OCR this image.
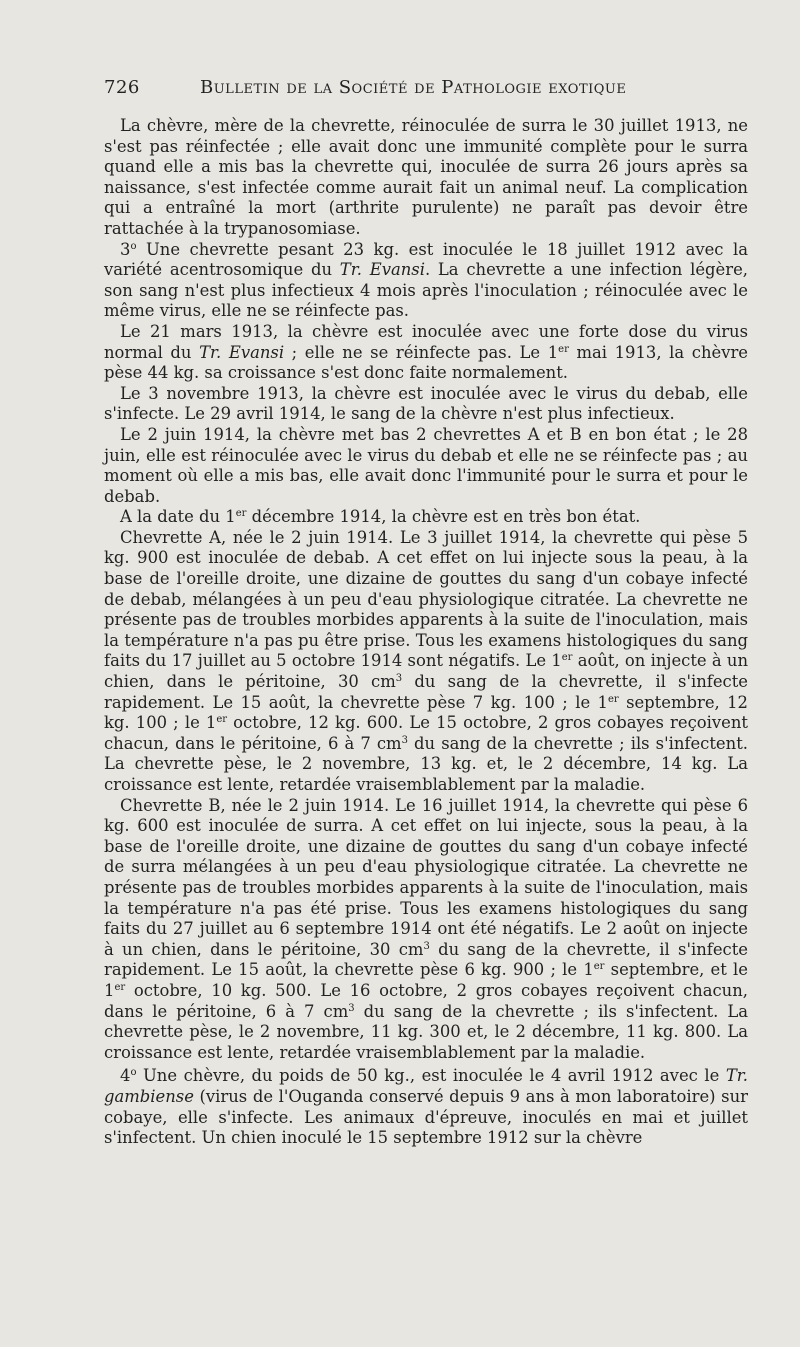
726	Bulletin de la Société de Pathologie exotique

La chèvre, mère de la chevrette, réinoculée de surra le 30 juillet 1913, ne s'est pas réinfectée ; elle avait donc une immunité complète pour le surra quand elle a mis bas la chevrette qui, inoculée de surra 26 jours après sa naissance, s'est infectée comme aurait fait un animal neuf. La complication qui a entraîné la mort (arthrite purulente) ne paraît pas devoir être rattachée à la trypanosomiase.

3$^o$ Une chevrette pesant 23 kg. est inoculée le 18 juillet 1912 avec la variété acentrosomique du Tr. Evansi. La chevrette a une infection légère, son sang n'est plus infectieux 4 mois après l'inoculation ; réinoculée avec le même virus, elle ne se réinfecte pas.

Le 21 mars 1913, la chèvre est inoculée avec une forte dose du virus normal du Tr. Evansi ; elle ne se réinfecte pas. Le 1er mai 1913, la chèvre pèse 44 kg. sa croissance s'est donc faite normalement.

Le 3 novembre 1913, la chèvre est inoculée avec le virus du debab, elle s'infecte. Le 29 avril 1914, le sang de la chèvre n'est plus infectieux.

Le 2 juin 1914, la chèvre met bas 2 chevrettes A et B en bon état ; le 28 juin, elle est réinoculée avec le virus du debab et elle ne se réinfecte pas ; au moment où elle a mis bas, elle avait donc l'immunité pour le surra et pour le debab.

A la date du 1er décembre 1914, la chèvre est en très bon état.

Chevrette A, née le 2 juin 1914. Le 3 juillet 1914, la chevrette qui pèse 5 kg. 900 est inoculée de debab. A cet effet on lui injecte sous la peau, à la base de l'oreille droite, une dizaine de gouttes du sang d'un cobaye infecté de debab, mélangées à un peu d'eau physiologique citratée. La chevrette ne présente pas de troubles morbides apparents à la suite de l'inoculation, mais la température n'a pas pu être prise. Tous les examens histologiques du sang faits du 17 juillet au 5 octobre 1914 sont négatifs. Le 1er août, on injecte à un chien, dans le péritoine, 30 $cm^3$ du sang de la chevrette, il s'infecte rapidement. Le 15 août, la chevrette pèse 7 kg. 100 ; le 1er septembre, 12 kg. 100 ; le 1er octobre, 12 kg. 600. Le 15 octobre, 2 gros cobayes reçoivent chacun, dans le péritoine, 6 à 7 $cm^3$ du sang de la chevrette ; ils s'infectent. La chevrette pèse, le 2 novembre, 13 kg. et, le 2 décembre, 14 kg. La croissance est lente, retardée vraisemblablement par la maladie.

Chevrette B, née le 2 juin 1914. Le 16 juillet 1914, la chevrette qui pèse 6 kg. 600 est inoculée de surra. A cet effet on lui injecte, sous la peau, à la base de l'oreille droite, une dizaine de gouttes du sang d'un cobaye infecté de surra mélangées à un peu d'eau physiologique citratée. La chevrette ne présente pas de troubles morbides apparents à la suite de l'inoculation, mais la température n'a pas été prise. Tous les examens histologiques du sang faits du 27 juillet au 6 septembre 1914 ont été négatifs. Le 2 août on injecte à un chien, dans le péritoine, 30 $cm^3$ du sang de la chevrette, il s'infecte rapidement. Le 15 août, la chevrette pèse 6 kg. 900 ; le 1er septembre, et le 1er octobre, 10 kg. 500. Le 16 octobre, 2 gros cobayes reçoivent chacun, dans le péritoine, 6 à 7 $cm^3$ du sang de la chevrette ; ils s'infectent. La chevrette pèse, le 2 novembre, 11 kg. 300 et, le 2 décembre, 11 kg. 800. La croissance est lente, retardée vraisemblablement par la maladie.

4$^o$ Une chèvre, du poids de 50 kg., est inoculée le 4 avril 1912 avec le Tr. gambiense (virus de l'Ouganda conservé depuis 9 ans à mon laboratoire) sur cobaye, elle s'infecte. Les animaux d'épreuve, inoculés en mai et juillet s'infectent. Un chien inoculé le 15 septembre 1912 sur la chèvre
